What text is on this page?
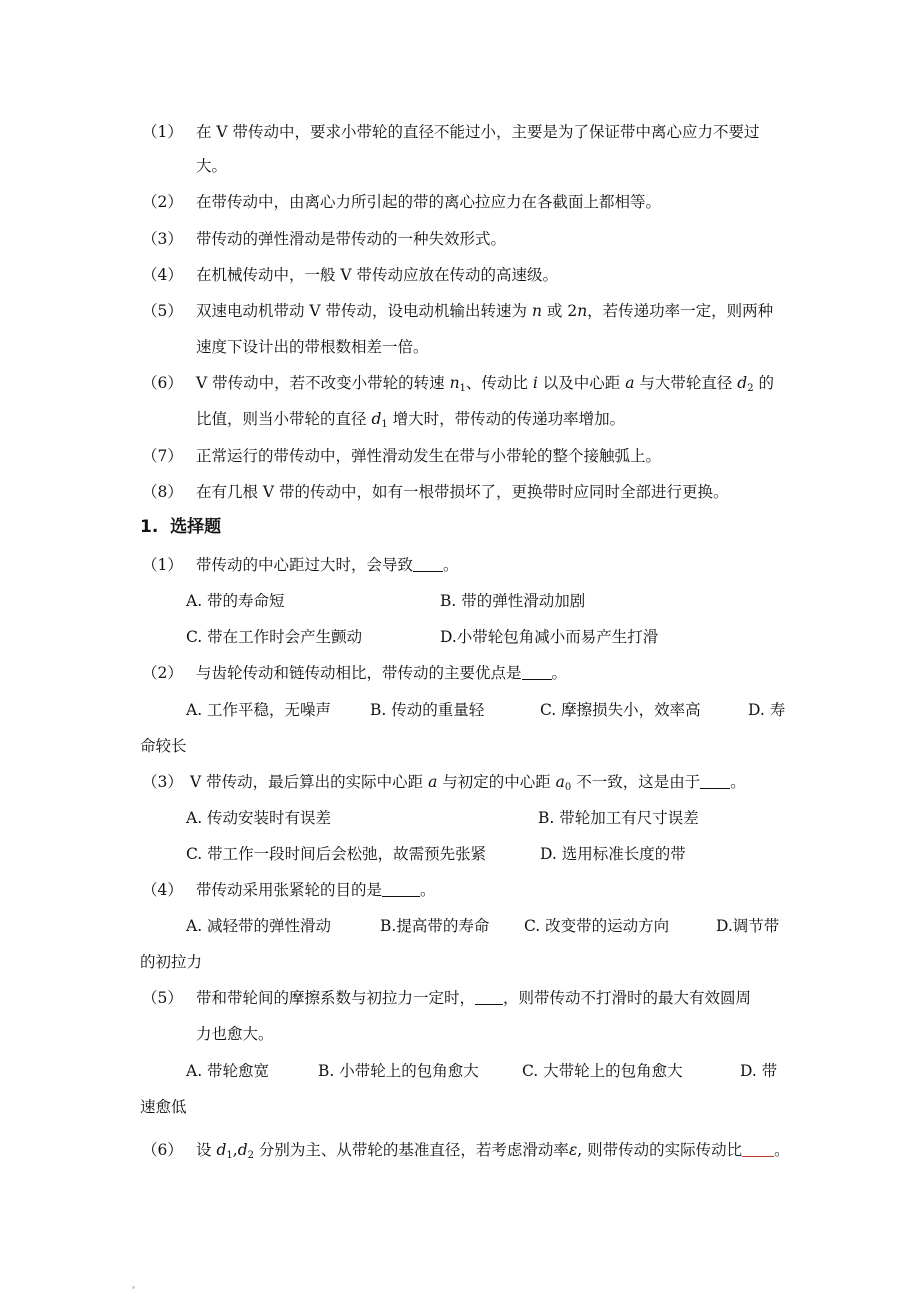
（1） 在 V 带传动中，要求小带轮的直径不能过小，主要是为了保证带中离心应力不要过
大。
（2） 在带传动中，由离心力所引起的带的离心拉应力在各截面上都相等。
（3） 带传动的弹性滑动是带传动的一种失效形式。
（4） 在机械传动中，一般 V 带传动应放在传动的高速级。
（5） 双速电动机带动 V 带传动，设电动机输出转速为 n 或 2n，若传递功率一定，则两种
速度下设计出的带根数相差一倍。
（6） V 带传动中，若不改变小带轮的转速 $n_1$、传动比 i 以及中心距 a 与大带轮直径 $d_2$ 的
比值，则当小带轮的直径 $d_1$ 增大时，带传动的传递功率增加。
（7） 正常运行的带传动中，弹性滑动发生在带与小带轮的整个接触弧上。
（8） 在有几根 V 带的传动中，如有一根带损坏了，更换带时应同时全部进行更换。
1. 选择题
（1） 带传动的中心距过大时，会导致 。
A. 带的寿命短	B. 带的弹性滑动加剧
C. 带在工作时会产生颤动	D.小带轮包角减小而易产生打滑
（2） 与齿轮传动和链传动相比，带传动的主要优点是 。
A. 工作平稳，无噪声	B. 传动的重量轻	C. 摩擦损失小，效率高	D. 寿
命较长
（3） V 带传动，最后算出的实际中心距 a 与初定的中心距 $a_0$ 不一致，这是由于 。
A. 传动安装时有误差	B. 带轮加工有尺寸误差
C. 带工作一段时间后会松弛，故需预先张紧	D. 选用标准长度的带
（4） 带传动采用张紧轮的目的是 。
A. 减轻带的弹性滑动	B.提高带的寿命 C. 改变带的运动方向	D.调节带
的初拉力
（5） 带和带轮间的摩擦系数与初拉力一定时， ，则带传动不打滑时的最大有效圆周
力也愈大。
A. 带轮愈宽	B. 小带轮上的包角愈大	C. 大带轮上的包角愈大	D. 带
速愈低
（6） 设 $d_1,d_2$ 分别为主、从带轮的基准直径，若考虑滑动率ε, 则带传动的实际传动比 。
